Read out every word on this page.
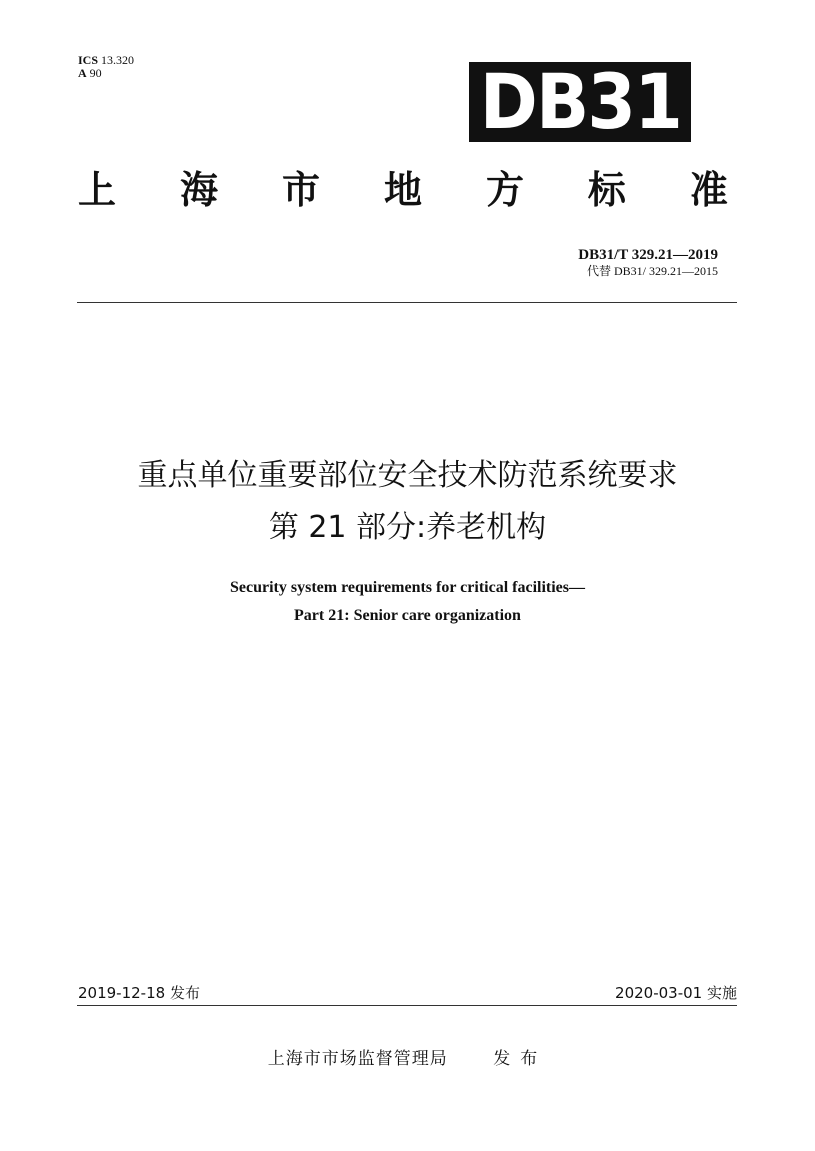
ICS 13.320
A 90	DB31
上 海 市 地 方 标 准
DB31/T 329.21—2019
代替 DB31/ 329.21—2015
重点单位重要部位安全技术防范系统要求
第 21 部分:养老机构
Security system requirements for critical facilities—
Part 21: Senior care organization
2019-12-18 发布	2020-03-01 实施
上海市市场监督管理局	发布
